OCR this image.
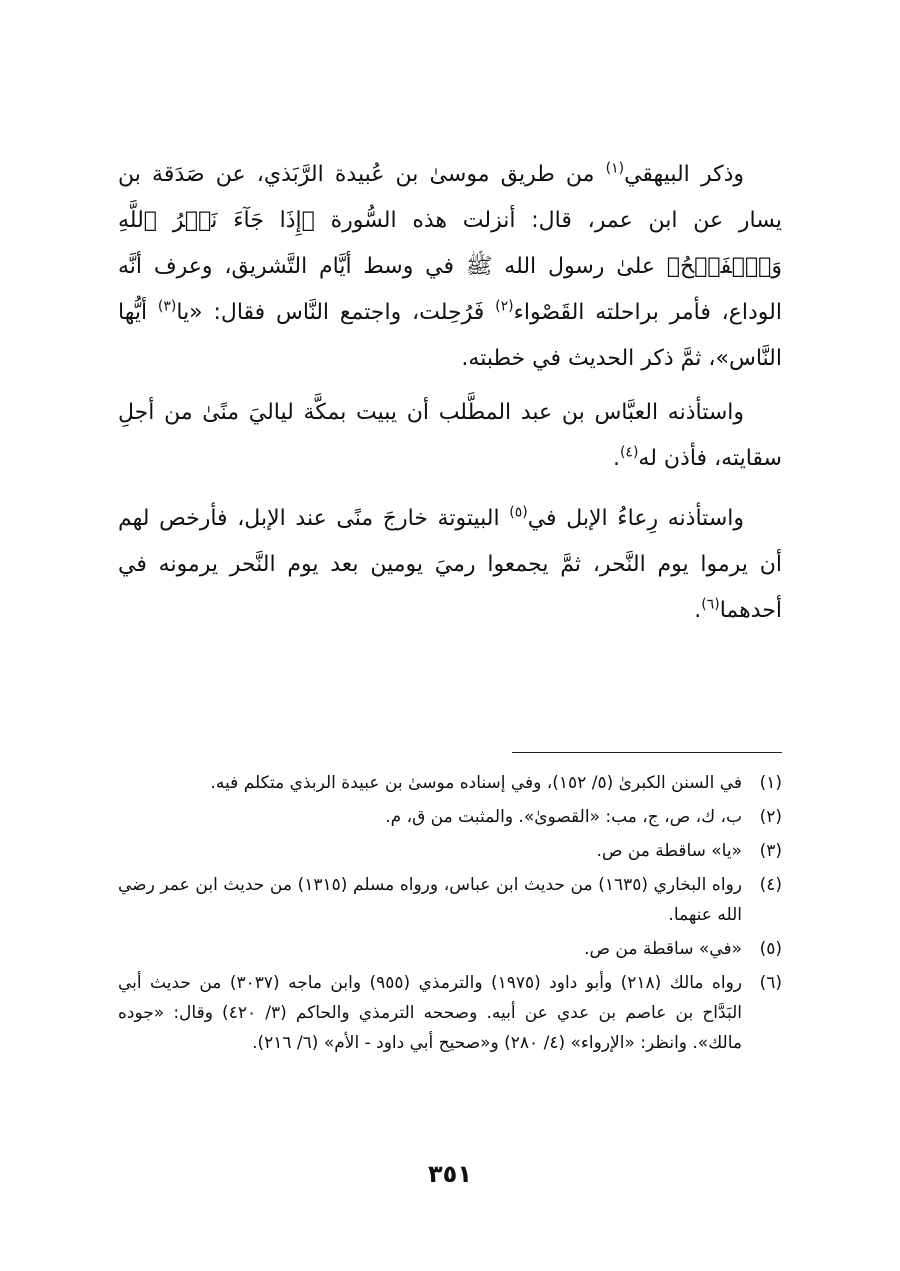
وذكر البيهقي$^{(١)}$ من طريق موسىٰ بن عُبيدة الرَّبَذي، عن صَدَقة بن يسار عن ابن عمر، قال: أنزلت هذه السُّورة ﴿إِذَا جَآءَ نَصۡرُ ٱللَّهِ وَٱلۡفَتۡحُ﴾ علىٰ رسول الله ﷺ في وسط أيَّام التَّشريق، وعرف أنَّه الوداع، فأمر براحلته القَصْواء$^{(٢)}$ فَرُحِلت، واجتمع النَّاس فقال: «يا$^{(٣)}$ أيُّها النَّاس»، ثمَّ ذكر الحديث في خطبته.

واستأذنه العبَّاس بن عبد المطَّلب أن يبيت بمكَّة لياليَ منًىٰ من أجلِ سقايته، فأذن له$^{(٤)}$.

واستأذنه رِعاءُ الإبل في$^{(٥)}$ البيتوتة خارجَ منًى عند الإبل، فأرخص لهم أن يرموا يوم النَّحر، ثمَّ يجمعوا رميَ يومين بعد يوم النَّحر يرمونه في أحدهما$^{(٦)}$.

(١)
في السنن الكبرىٰ (٥/ ١٥٢)، وفي إسناده موسىٰ بن عبيدة الربذي متكلم فيه.
(٢)
ب، ك، ص، ج، مب: «القصوىٰ». والمثبت من ق، م.
(٣)
«يا» ساقطة من ص.
(٤)
رواه البخاري (١٦٣٥) من حديث ابن عباس، ورواه مسلم (١٣١٥) من حديث ابن عمر رضي الله عنهما.
(٥)
«في» ساقطة من ص.
(٦)
رواه مالك (٢١٨) وأبو داود (١٩٧٥) والترمذي (٩٥٥) وابن ماجه (٣٠٣٧) من حديث أبي البَدَّاح بن عاصم بن عدي عن أبيه. وصححه الترمذي والحاكم (٣/ ٤٢٠) وقال: «جوده مالك». وانظر: «الإرواء» (٤/ ٢٨٠) و«صحيح أبي داود - الأم» (٦/ ٢١٦).
٣٥١
